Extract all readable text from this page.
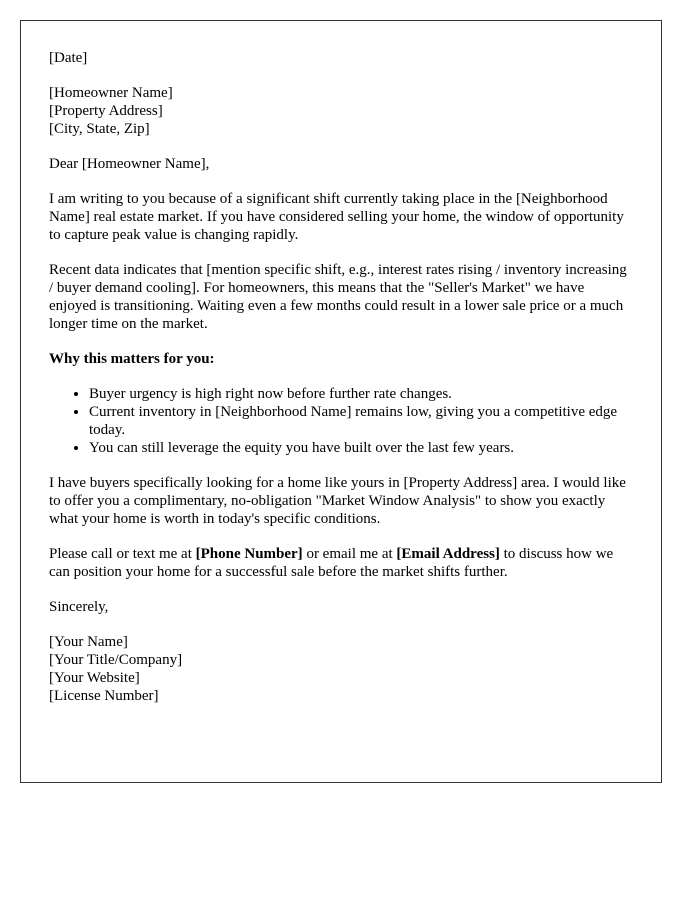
[Date]

[Homeowner Name]
[Property Address]
[City, State, Zip]

Dear [Homeowner Name],

I am writing to you because of a significant shift currently taking place in the [Neighborhood Name] real estate market. If you have considered selling your home, the window of opportunity to capture peak value is changing rapidly.

Recent data indicates that [mention specific shift, e.g., interest rates rising / inventory increasing / buyer demand cooling]. For homeowners, this means that the "Seller's Market" we have enjoyed is transitioning. Waiting even a few months could result in a lower sale price or a much longer time on the market.

Why this matters for you:

• Buyer urgency is high right now before further rate changes.
• Current inventory in [Neighborhood Name] remains low, giving you a competitive edge today.
• You can still leverage the equity you have built over the last few years.

I have buyers specifically looking for a home like yours in [Property Address] area. I would like to offer you a complimentary, no-obligation "Market Window Analysis" to show you exactly what your home is worth in today's specific conditions.

Please call or text me at [Phone Number] or email me at [Email Address] to discuss how we can position your home for a successful sale before the market shifts further.

Sincerely,

[Your Name]
[Your Title/Company]
[Your Website]
[License Number]
